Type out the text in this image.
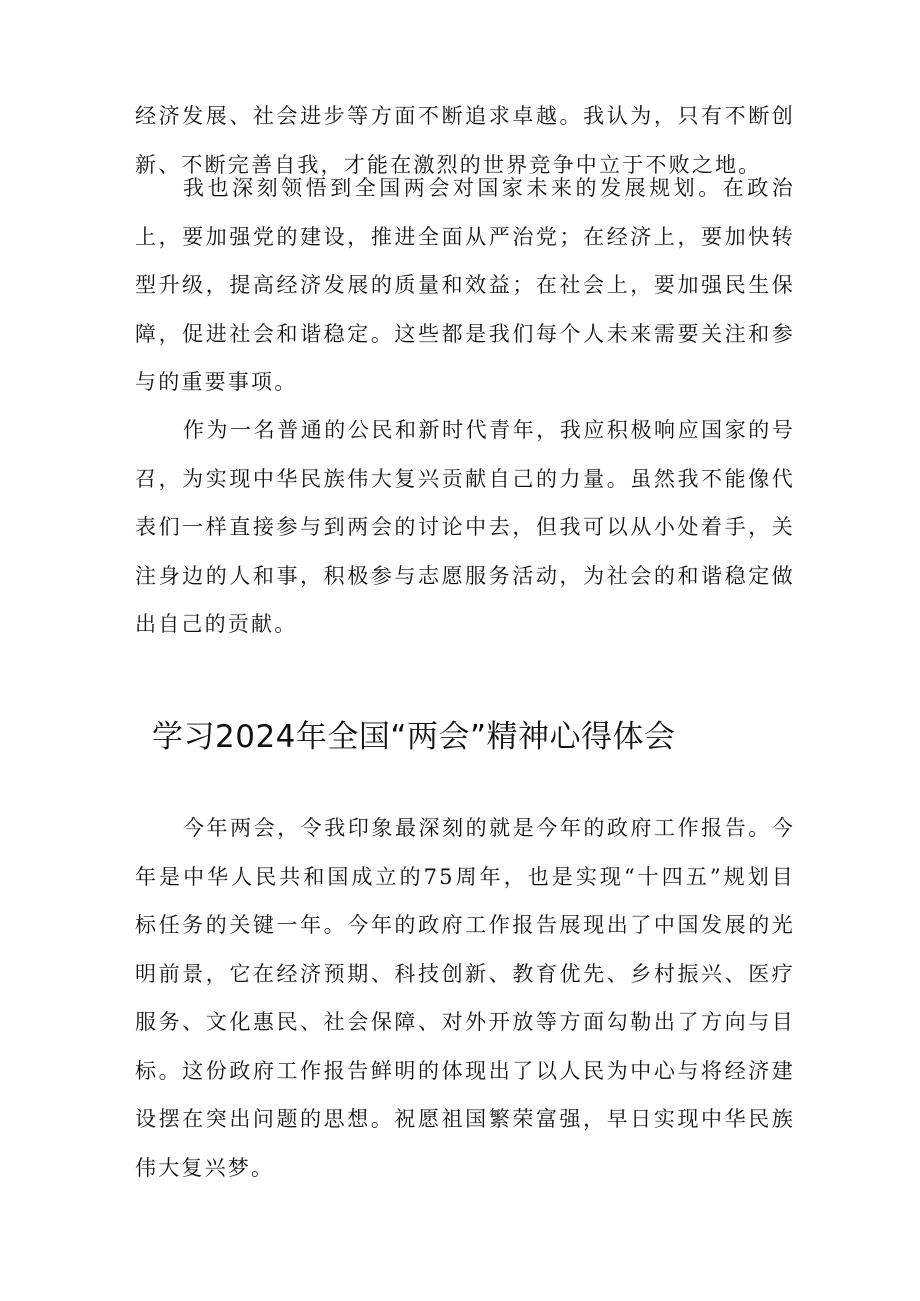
经济发展、社会进步等方面不断追求卓越。我认为，只有不断创新、不断完善自我，才能在激烈的世界竞争中立于不败之地。

我也深刻领悟到全国两会对国家未来的发展规划。在政治上，要加强党的建设，推进全面从严治党；在经济上，要加快转型升级，提高经济发展的质量和效益；在社会上，要加强民生保障，促进社会和谐稳定。这些都是我们每个人未来需要关注和参与的重要事项。

作为一名普通的公民和新时代青年，我应积极响应国家的号召，为实现中华民族伟大复兴贡献自己的力量。虽然我不能像代表们一样直接参与到两会的讨论中去，但我可以从小处着手，关注身边的人和事，积极参与志愿服务活动，为社会的和谐稳定做出自己的贡献。

学习2024年全国“两会”精神心得体会

今年两会，令我印象最深刻的就是今年的政府工作报告。今年是中华人民共和国成立的75周年，也是实现“十四五”规划目标任务的关键一年。今年的政府工作报告展现出了中国发展的光明前景，它在经济预期、科技创新、教育优先、乡村振兴、医疗服务、文化惠民、社会保障、对外开放等方面勾勒出了方向与目标。这份政府工作报告鲜明的体现出了以人民为中心与将经济建设摆在突出问题的思想。祝愿祖国繁荣富强，早日实现中华民族伟大复兴梦。
